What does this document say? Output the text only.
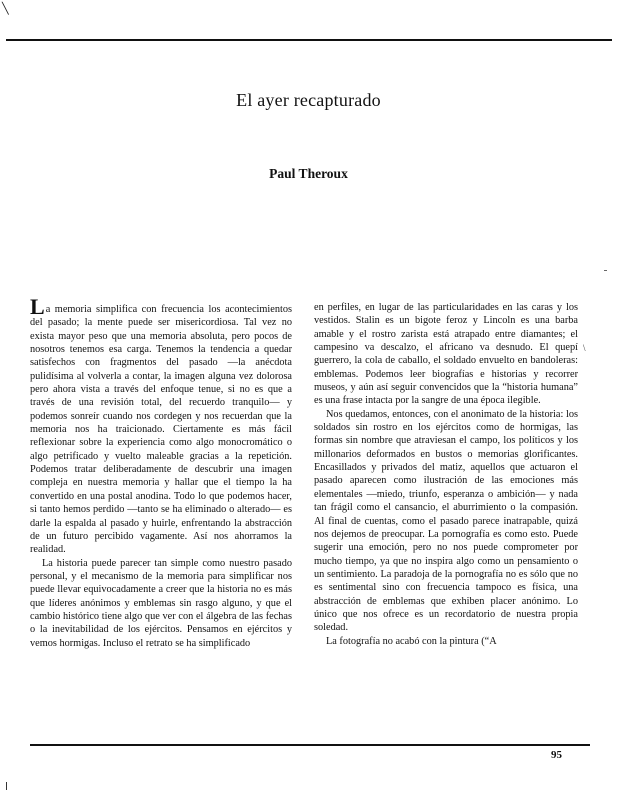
╲
El ayer recapturado
Paul Theroux

La memoria simplifica con frecuencia los acontecimientos del pasado; la mente puede ser misericordiosa. Tal vez no exista mayor peso que una memoria absoluta, pero pocos de nosotros tenemos esa carga. Tenemos la tendencia a quedar satisfechos con fragmentos del pasado —la anécdota pulidísima al volverla a contar, la imagen alguna vez dolorosa pero ahora vista a través del enfoque tenue, si no es que a través de una revisión total, del recuerdo tranquilo— y podemos sonreír cuando nos cordegen y nos recuerdan que la memoria nos ha traicionado. Ciertamente es más fácil reflexionar sobre la experiencia como algo monocromático o algo petrificado y vuelto maleable gracias a la repetición. Podemos tratar deliberadamente de descubrir una imagen compleja en nuestra memoria y hallar que el tiempo la ha convertido en una postal anodina. Todo lo que podemos hacer, si tanto hemos perdido —tanto se ha eliminado o alterado— es darle la espalda al pasado y huirle, enfrentando la abstracción de un futuro percibido vagamente. Así nos ahorramos la realidad.

La historia puede parecer tan simple como nuestro pasado personal, y el mecanismo de la memoria para simplificar nos puede llevar equivocadamente a creer que la historia no es más que líderes anónimos y emblemas sin rasgo alguno, y que el cambio histórico tiene algo que ver con el álgebra de las fechas o la inevitabilidad de los ejércitos. Pensamos en ejércitos y vemos hormigas. Incluso el retrato se ha simplificado

en perfiles, en lugar de las particularidades en las caras y los vestidos. Stalin es un bigote feroz y Lincoln es una barba amable y el rostro zarista está atrapado entre diamantes; el campesino va descalzo, el africano va desnudo. El quepí guerrero, la cola de caballo, el soldado envuelto en bandoleras: emblemas. Podemos leer biografías e historias y recorrer museos, y aún así seguir convencidos que la “historia humana” es una frase intacta por la sangre de una época ilegible.

Nos quedamos, entonces, con el anonimato de la historia: los soldados sin rostro en los ejércitos como de hormigas, las formas sin nombre que atraviesan el campo, los políticos y los millonarios deformados en bustos o memorias glorificantes. Encasillados y privados del matiz, aquellos que actuaron el pasado aparecen como ilustración de las emociones más elementales —miedo, triunfo, esperanza o ambición— y nada tan frágil como el cansancio, el aburrimiento o la compasión. Al final de cuentas, como el pasado parece inatrapable, quizá nos dejemos de preocupar. La pornografía es como esto. Puede sugerir una emoción, pero no nos puede comprometer por mucho tiempo, ya que no inspira algo como un pensamiento o un sentimiento. La paradoja de la pornografía no es sólo que no es sentimental sino con frecuencia tampoco es física, una abstracción de emblemas que exhiben placer anónimo. Lo único que nos ofrece es un recordatorio de nuestra propia soledad.

La fotografía no acabó con la pintura (“A

\
95
